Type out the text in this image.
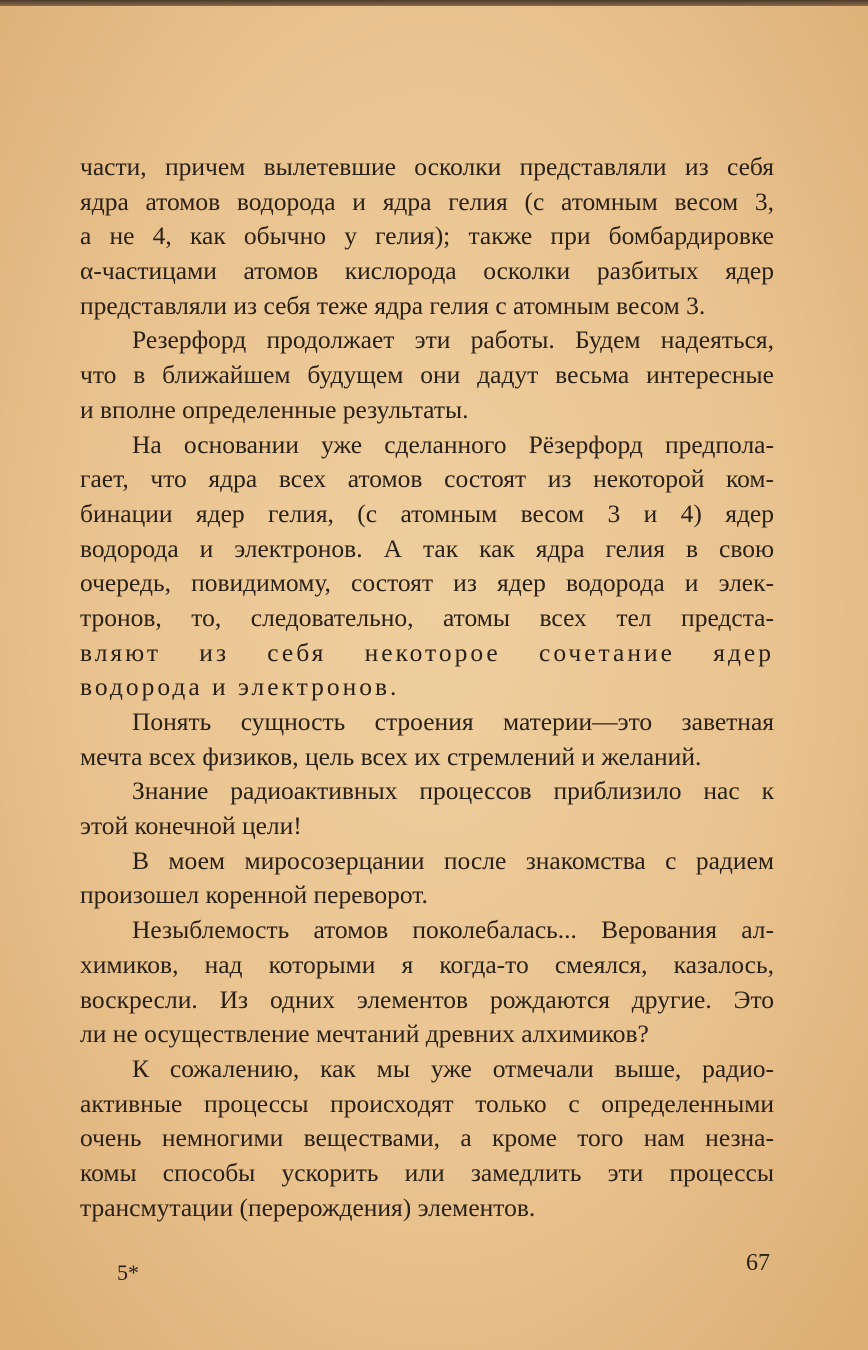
части, причем вылетевшие осколки представляли из себя
ядра атомов водорода и ядра гелия (с атомным весом 3,
а не 4, как обычно у гелия); также при бомбардировке
α-частицами атомов кислорода осколки разбитых ядер
представляли из себя теже ядра гелия с атомным весом 3.
Резерфорд продолжает эти работы. Будем надеяться,
что в ближайшем будущем они дадут весьма интересные
и вполне определенные результаты.
На основании уже сделанного Рёзерфорд предпола-
гает, что ядра всех атомов состоят из некоторой ком-
бинации ядер гелия, (с атомным весом 3 и 4) ядер
водорода и электронов. А так как ядра гелия в свою
очередь, повидимому, состоят из ядер водорода и элек-
тронов, то, следовательно, атомы всех тел предста-
вляют из себя некоторое сочетание ядер
водорода и электронов.
Понять сущность строения материи—это заветная
мечта всех физиков, цель всех их стремлений и желаний.
Знание радиоактивных процессов приблизило нас к
этой конечной цели!
В моем миросозерцании после знакомства с радием
произошел коренной переворот.
Незыблемость атомов поколебалась... Верования ал-
химиков, над которыми я когда-то смеялся, казалось,
воскресли. Из одних элементов рождаются другие. Это
ли не осуществление мечтаний древних алхимиков?
К сожалению, как мы уже отмечали выше, радио-
активные процессы происходят только с определенными
очень немногими веществами, а кроме того нам незна-
комы способы ускорить или замедлить эти процессы
трансмутации (перерождения) элементов.
5*	67
